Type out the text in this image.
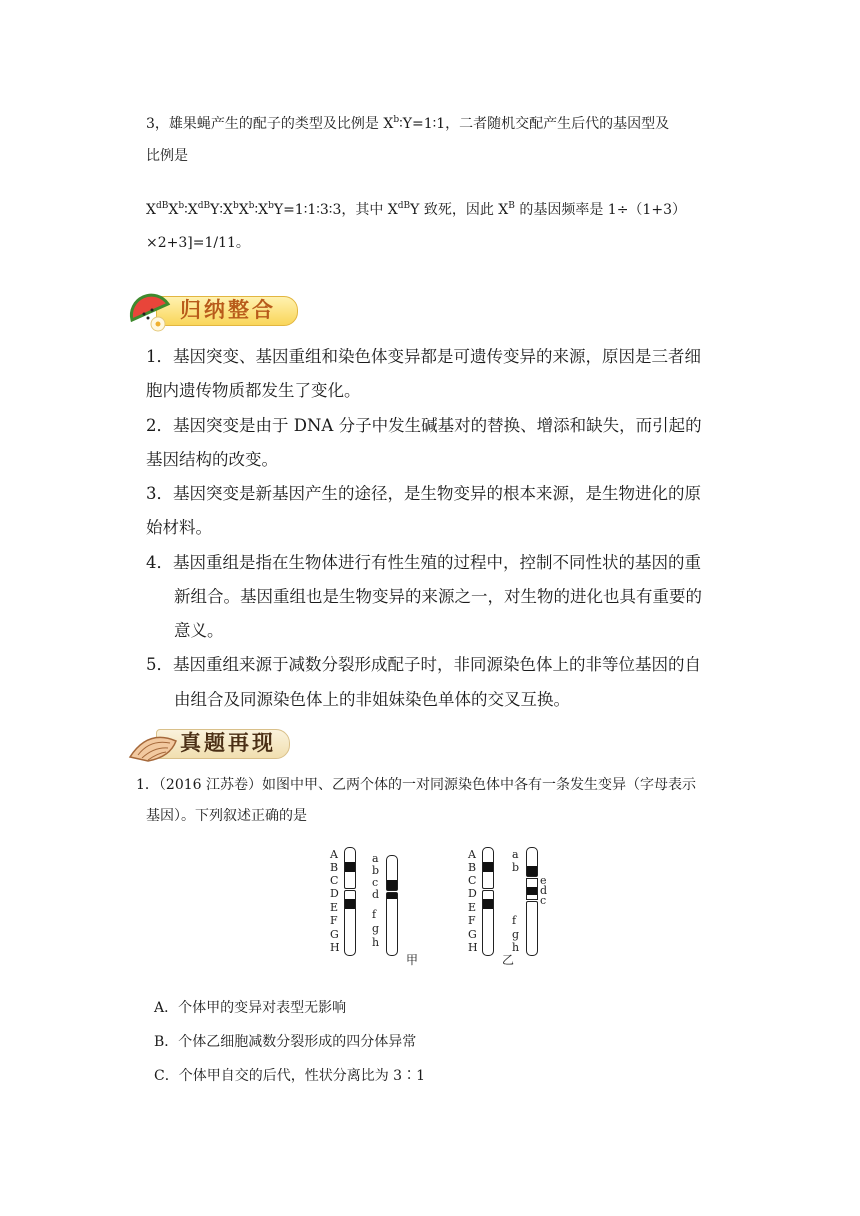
3，雄果蝇产生的配子的类型及比例是 $X^b∶Y=1∶1$，二者随机交配产生后代的基因型及
比例是
$X^{dB}X^b∶X^{dB}Y∶X^bX^b∶X^bY=1∶1∶3∶3$，其中 $X^{dB}Y$ 致死，因此 $X^B$ 的基因频率是 1÷（1+3）
×2+3]=1/11。
归纳整合
1．基因突变、基因重组和染色体变异都是可遗传变异的来源，原因是三者细
胞内遗传物质都发生了变化。
2．基因突变是由于 DNA 分子中发生碱基对的替换、增添和缺失，而引起的
基因结构的改变。
3．基因突变是新基因产生的途径，是生物变异的根本来源，是生物进化的原
始材料。
4．基因重组是指在生物体进行有性生殖的过程中，控制不同性状的基因的重
新组合。基因重组也是生物变异的来源之一，对生物的进化也具有重要的
意义。
5．基因重组来源于减数分裂形成配子时，非同源染色体上的非等位基因的自
由组合及同源染色体上的非姐妹染色单体的交叉互换。
真题再现
1．（2016 江苏卷）如图中甲、乙两个体的一对同源染色体中各有一条发生变异（字母表示
基因）。下列叙述正确的是
A
B
C
D
E
F
G
H
a
b
c
d
f
g
h
甲
A
B
C
D
E
F
G
H
a
b
e
d
c
f
g
h
乙
A．个体甲的变异对表型无影响
B．个体乙细胞减数分裂形成的四分体异常
C．个体甲自交的后代，性状分离比为 3∶1
